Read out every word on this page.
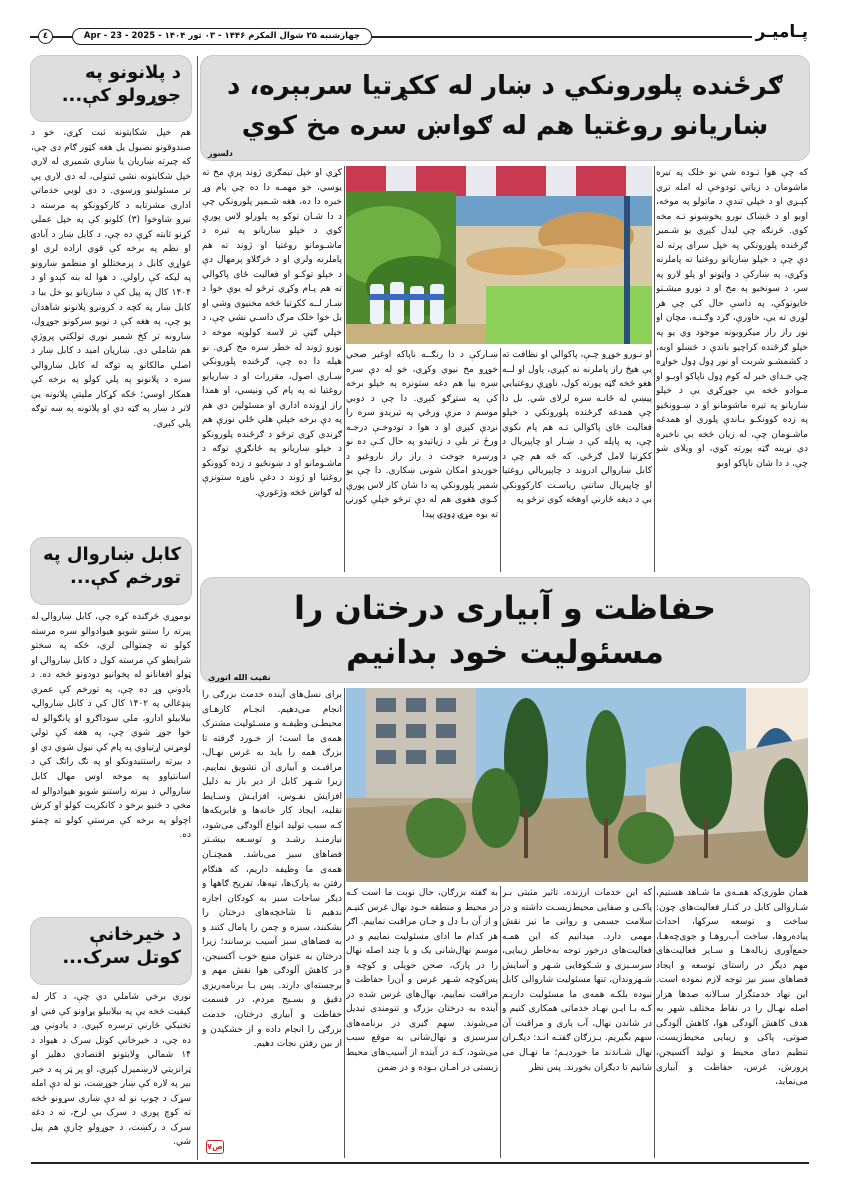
پـامیـر
چهارشنبه ۲۵ شوال المکرم ۱۴۴۶ - ۰۳ ثور ۱۴۰۴ - Apr - 23 - 2025
٤
د پلانونو په جوړولو کې...
هم خپل شکایتونه ثبت کړي، خو د صندوقونو نصبول یل هغه کټور ګام دی چې، که چیرته ښاریان یا ښاري شمیري له لاري خپل شکایتونه نشي ثبتولی، له دی لاري پې تر مسئولینو ورسوي. د دی لوبي خدماتي اداري مشرتابه د کارکوونکو په مرسته د تیرو شاوخوا (۳) کلونو کې په خپل عملي کړنو ثابته کړې ده چې، د کابل ښار د آبادۍ او نظم په برخه کې قوي اراده لري او غواړي کابل د پرمختللو او منظمو ښارونو په لیکه کې راولي. د هوا له بنه کېدو او د ۱۴۰۴ کال په پیل کې د ښاریانو یو خل بیا د کابل ښار په کچه د کرونږو پلانونو شاهدان یو چې، په هغه کې د نویو سرکونو جوړول، ښارونه تر کڅ شمیر نوري تولکتي پروژې هم شاملي دي. ښاریان امید د کابل ښار د اصلي مالکانو په توګه له کابل ښاروالي سره د پلانونو په پلي کولو په برخه کې همکار اوسي؛ څکه کړکار ملیتې پلانونه یې لاتر د ښار په ګټه دي او پلاتونه په ښه توګه پلي کېږي.
کابل ښاروال په تورخم کې...
نوموړي څرګنده کړه چې، کابل ښاروالۍ له پیرته را ستنو شویو هیوادوالو سره مرسته کولو ته چمتوالی لري، څکه په سختو شرایطو کې مرسته کول د کابل ښاروالۍ او ټولو افغانانو له پخوانیو دودونو څخه ده. د یادونې وړ ده چې، په تورخم کې عمري پنډغالي په ۱۴۰۲ کال کې د کابل ښاروالۍ، بیلابیلو ادارو، ملي سوداګرو او پانګوالو له خوا جوړ شوي چې، په هغه کې تولي لومړني اړتیاوي په پام کې نیول شوي دي او د بیرته راستنیدونکو او په تګ راتګ کې د اسانتیاوو په موخه اوس مهال کابل ښاروالي د بیرته راستنو شویو هیوادوالو له مخې د څنیو برخو د کانکریت کولو او کرش اچولو په برخه کې مرستې کولو ته چمتو ده.
د خیرخانې کوتل سرک...
نوري برخي شاملي دي چې، د کار له کیفیت څخه یې په بیلابیلو پړاونو کې فني او تخنیکي څارنې ترسره کېږي. د یادونې وړ ده چې، د خیرخانې کوتل سرک د هیواد د ۱۴ شمالي ولایتونو اقتصادي دهلیز او ټرانزیتي لارښمیرل کېږي، او پر ټر په د خیر بېر په لاره کې ښار جوړښت، نو له دې امله سړک د چوپ نو له دې ښاري سړونو څخه ته کوچ پوري د سرک بې لرخ، ته د دغه سرک د رکښت، د جوړولو چارې هم پیل شي.
ګرځنده پلورونکي د ښار له ککړتیا سربېره، د ښاریانو روغتیا هم له ګواښ سره مخ کوي
دلسوز
که چې هوا تـوده شي نو خلک په تیره ماشومان د زیاتي تودوخې له امله تږي کېـږي او د خپلي تندې د ماتولو په موخه، اوبو او د څښاک نورو یخوښونو تـه مخه کوي. څرنګه چې لیدل کېږي یو شـمیر ګرځنده پلورونکي په خپل سرای پرته له دې چې د خپلو ښاریانو روغتیا ته پاملرنه وکړي، په ښارکې د واټونو او پلو لارو په سر، د سونخیو په مخ او د نورو میشـتو خایونوکې، په داسې حال کې چې هر لوري ته یې، خاورې، ګرد وګـنـه، مچان او نور راز راز میکروبونه موجود وي یو په خپلو ګرځنده کراچیو باندې د څښلو اوبه، د کشمشـو شربت او نور ډول ډول خواړه چې خـداي خبر له کوم ډول ناپاکو اوبـو او مـوادو څخه یې جوړکړي یې د خپلو ښاریانو په تیره ماشومانو او د ښـوونځیو په زده کوونکـو بـاندې پلوري او همدغه ماشـومان چې، له زیان څخه بې ناخبره دي نړینه ګټه پورته کوي، او ویلای شو چې، د دا شان ناپاکو اوبو
او نـورو خوړو چـې، پاکوالي او نظافت ته یې هیڅ راز پاملرنه نه کېږي، پاول او لــه هغو څخه ګټه پورته کول، ناوړې روغتیایي پیښې له ځانـه سره لرلای شي. بل دا چې همدغه ګرځنده پلورونکي د خپلو فعالیت ځای پاکوالي تـه هم پام نکوي چې، په پایله کې د ښـار او چاپیریال د ککړتیا لامل ګرځي. که څه هم چې د کابل ښاروالۍ ادروند د چاپېریالي روغتیا او چاپیریال ساتنې ریاسـت کارکوونکې بې د دیغه ځارنې اوهڅه کوي ترڅو په
ښـارکې د دا رنګــه ناپاکه اوغیر صحي خوړو مخ نیوي وکړي، خو له دې سره سره بیا هم دغه ستونزه په خپلو برخه کې په ستړګو کېږي. دا چې د دوبي موسم د مرې ورځي په تیریدو سره را نږدې کېږي او د هوا د تودوخـې درجـه ورځ تر بلې د زیاتیدو په حال کـې ده نو ورسره جوخت د راز راز ناروغیو د خوریدو امکان شونی ښکاري. دا چې یو شمیر پلورونکي په دا شان کار لاس پورې کـوي هغوی هم له دې ترڅو خپلې کورنۍ ته یوه مړۍ ډوډۍ پیدا
کړي او خپل تیمګری ژوند پرې مخ ته یوسي، خو مهمـه دا ده چې پام وړ خبره دا ده، هغه شـمیر پلورونکي چې د دا شـان توکو په پلورلو لاس پورې کوي د خپلو ښاریانو په تیره د ماشـومانو روغتیا او ژوند ته هم پاملرنه ولري او د څرګلاو پرمهال دې د خپلو توکـو او فعالیت ځای پاکوالي ته هم پـام وکړي ترڅو له یوې خوا د ښـار لــه ککړتیا څخه مخنیوي وشي او بل خوا خلک مرګ داسـي نشي چې، د خپلي ګټې تر لاسه کولوپه موخه د نورو ژوند له خطر سره مخ کړي. نو هیله دا ده چې، ګرځنده پلورونکي ښـاري اصول، مقررات او د ښاریانو روغتیا ته په پام کې ونیسي، او همدا راز اړونده اداري او مسئولین دي هم په دې برخه خپلې هلي ځلي نورې هم ګړندي کړي ترڅو د ګرځنده پلورونکو د خپلو ښاریانو په ځانګړې توګه د ماشـومانو او د ښونځیو د زده کوونکو روغتیا او ژوند د دغې ناوړه ستونزې له ګواښ څخه وژغورې.
حفاظت و آبیاری درختان را مسئولیت خود بدانیم
نقیب الله انوری
همان طوری‌که همـه‌ی ما شـاهد هستیم، شـاروالی کابل در کنـار فعالیت‌های چون: ساخت و توسعه سرکها، احداث پیاده‌روها، ساخت آب‌روهـا و جوی‌چه‌هـا، جمع‌آوری زباله‌هـا و سـایر فعالیت‌های مهم دیگر در راستای توسعه و ایجاد فضاهای سبز نیز توجه لازم نموده است. این نهاد خدمتگزار سـالانه صدها هزار اصله نهـال را در نقاط مختلف شهر به هدف کاهش آلودگی هوا، کاهش آلودگی صوتی، پاکی و زیبایی محیط‌زیست، تنظیم دمای محیط و تولید آکسیجن، پرورش، غرس، حفاظت و آبیاری می‌نماید،
که این خدمات ارزنده، تاثیر مثبتی بـر پاکـی و صفایی محیط‌زیسـت داشته و در سلامت جسمی و روانی ما نیز نقش مهمی دارد. میدانیم که این همـه فعالیت‌های درخور توجه به‌خاطر زیبایی، سرسـبزی و شـکوفایی شـهر و آسایش شـهروندان، تنها مسئولیت شاروالی کابل نبوده بلکـه همه‌ی ما مسئولیت داریـم کـه بـا ایـن نهـاد خدماتی همکاری کنیم و در شاندن نهال، آب یاری و مراقبت آن سهم بگیریم. بـزرګان ګفتـه انـد: دیګـران نهال شـاندند ما خوردیـم؛ ما نهـال می شانیم تا دیګران بخورند. پس نظر
به ګفته بزرګان، حال نوبت ما است کـه در محیط و منطقه خـود نهال غرس کنیـم و از آن بـا دل و جـان مراقبت نماییم. اګر هر کدام ما ادای مسئولیت نماییم و در موسم نهال‌شانی یک و یا چند اصله نهال را در پارک، صحن حویلی و کوچه و پس‌کوچه شـهر غرس و آن‌را حفاظت و مراقبت نماییم، نهال‌های غرس شده در آینده به درختان بزرګ و تنومندی تبدیل می‌شوند. سهم ګیری در برنامه‌های سرسبزی و نهال‌شانی به موقع سبب می‌شود، کـه در آینده از آسیب‌های محیط زیستی در امـان بـوده و در ضمن
برای نسل‌های آینده خدمت بزرګی را انجام می‌دهیم. انجـام کارهـای محیطـی وظیفـه و مسـئولیت مشترک همه‌ی ما است؛ از خـورد ګرفته تا بزرګ همه را باید به غرس نهـال، مراقبـت و آبیاری آن تشویق نماییم. زیرا شـهر کابل از دیر باز به دلیل افزایش نفـوس، افزایـش وسـایط نقلیه، ایجاد کار خانه‌ها و فابریکه‌ها کـه سبب تولید انواع آلودګی می‌شود، نیازمنـد رشـد و توسـعه بیشـتر فضاهای سبز می‌باشد. همچنـان همه‌ی ما وظیفه داریم، که هنګام رفتن به پارک‌ها، تپه‌ها، تفریح ګاهها و دیګر ساحات سبز به کودکان اجازه ندهیم تا شاخچه‌های درختان را بشکنند، سبزه و چمن را پامال کنند و به فضاهای سبز آسیب برسانند؛ زیرا درختان به عنوان منبع خوب آکسیجن، در کاهش آلودګی هوا نقش مهم و برجسته‌ای دارند. پس بـا برنامه‌ریزی دقیق و بسـیج مردم، در قسمت حفاظت و آبیاری درختان، خدمت بزرګی را انجام داده و از خشکیدن و از بین رفتن نجات دهیم.
ص۷
